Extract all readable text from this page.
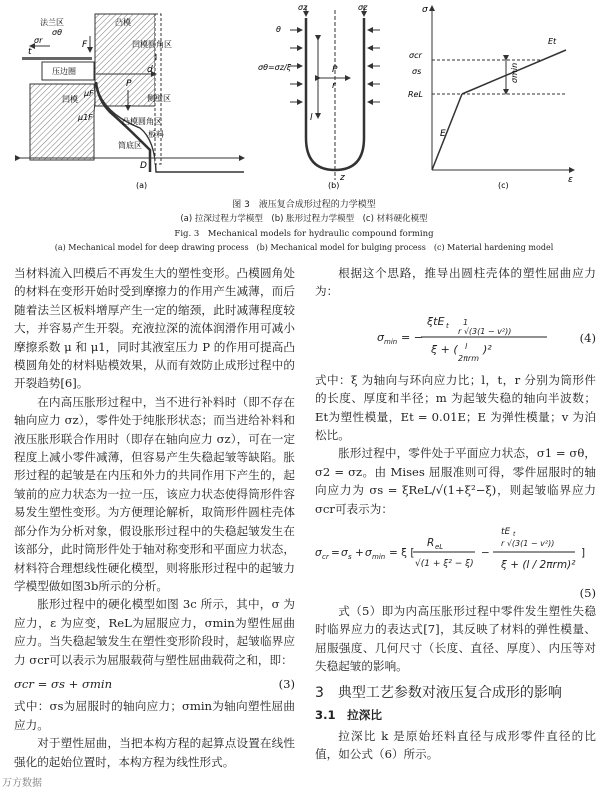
法兰区	凸模
凹模圆角区
压边圈
凹模	侧壁区
凸模圆角区
板料
筒底区
σr
σθ
F
t
d
P
μF
μ1F
D
(a)
σz	σz
θ
σθ=σz/ξ	P
r
l
z
(b)
σ
σcr
σs
ReL
E
Et
σmin
ε
(c)
图 3　液压复合成形过程的力学模型
(a) 拉深过程力学模型　(b) 胀形过程力学模型　(c) 材料硬化模型
Fig. 3　Mechanical models for hydraulic compound forming
(a) Mechanical model for deep drawing process　(b) Mechanical model for bulging process　(c) Material hardening model

当材料流入凹模后不再发生大的塑性变形。凸模圆角处的材料在变形开始时受到摩擦力的作用产生减薄，而后随着法兰区板料增厚产生一定的缩颈，此时减薄程度较大，并容易产生开裂。充液拉深的流体润滑作用可减小摩擦系数 μ 和 μ1，同时其液室压力 P 的作用可提高凸模圆角处的材料贴模效果，从而有效防止成形过程中的开裂趋势[6]。

在内高压胀形过程中，当不进行补料时（即不存在轴向应力 σz），零件处于纯胀形状态；而当进给补料和液压胀形联合作用时（即存在轴向应力 σz），可在一定程度上减小零件减薄，但容易产生失稳起皱等缺陷。胀形过程的起皱是在内压和外力的共同作用下产生的，起皱前的应力状态为一拉一压，该应力状态使得筒形件容易发生塑性变形。为方便理论解析，取筒形件圆柱壳体部分作为分析对象，假设胀形过程中的失稳起皱发生在该部分，此时筒形件处于轴对称变形和平面应力状态，材料符合理想线性硬化模型，则将胀形过程中的起皱力学模型做如图3b所示的分析。

胀形过程中的硬化模型如图 3c 所示，其中，σ 为应力，ε 为应变，ReL为屈服应力，σmin为塑性屈曲应力。当失稳起皱发生在塑性变形阶段时，起皱临界应力 σcr可以表示为屈服载荷与塑性屈曲载荷之和，即：

σcr = σs + σmin	(3)

式中：σs为屈服时的轴向应力；σmin为轴向塑性屈曲应力。

对于塑性屈曲，当把本构方程的起算点设置在线性强化的起始位置时，本构方程为线性形式。

根据这个思路，推导出圆柱壳体的塑性屈曲应力为：

σ min = −
ξtE t 1
r √(3(1 − v²))
ξ + ( l
2πrm
)²
(4)

式中：ξ 为轴向与环向应力比；l，t，r 分别为筒形件的长度、厚度和半径；m 为起皱失稳的轴向半波数；Et为塑性模量，Et = 0.01E；E 为弹性模量；v 为泊松比。

胀形过程中，零件处于平面应力状态，σ1 = σθ，σ2 = σz。由 Mises 屈服准则可得，零件屈服时的轴向应力为 σs = ξReL/√(1+ξ²−ξ)，则起皱临界应力 σcr可表示为：

σ cr = σ s + σ min = ξ [
R eL
√(1 + ξ² − ξ)
−
tE t
r √(3(1 − v²))
ξ + (l / 2πrm)²
]
(5)

式（5）即为内高压胀形过程中零件发生塑性失稳时临界应力的表达式[7]，其反映了材料的弹性模量、屈服强度、几何尺寸（长度、直径、厚度）、内压等对失稳起皱的影响。

3　典型工艺参数对液压复合成形的影响
3.1　拉深比

拉深比 k 是原始坯料直径与成形零件直径的比值，如公式（6）所示。

万方数据
